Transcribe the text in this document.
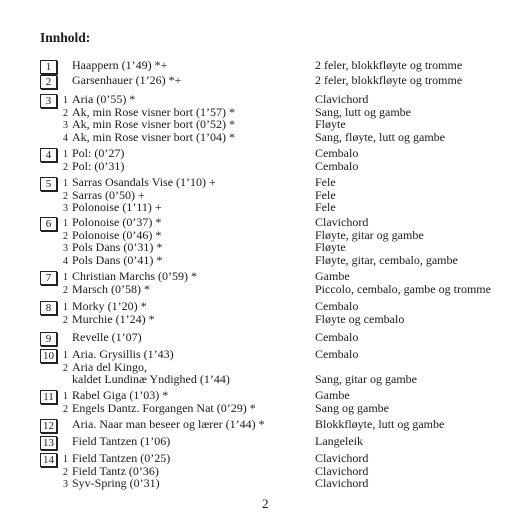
Innhold:
1	Haappern (1’49) *+	2 feler, blokkfløyte og tromme
2	Garsenhauer (1’26) *+	2 feler, blokkfløyte og tromme
3	1 Aria (0’55) *	Clavichord
2 Ak, min Rose visner bort (1’57) *	Sang, lutt og gambe
3 Ak, min Rose visner bort (0’52) *	Fløyte
4 Ak, min Rose visner bort (1’04) *	Sang, fløyte, lutt og gambe
4	1 Pol: (0’27)	Cembalo
2 Pol: (0’31)	Cembalo
5	1 Sarras Osandals Vise (1’10) +	Fele
2 Sarras (0’50) +	Fele
3 Polonoise (1’11) +	Fele
6	1 Polonoise (0’37) *	Clavichord
2 Polonoise (0’46) *	Fløyte, gitar og gambe
3 Pols Dans (0’31) *	Fløyte
4 Pols Dans (0’41) *	Fløyte, gitar, cembalo, gambe
7	1 Christian Marchs (0’59) *	Gambe
2 Marsch (0’58) *	Piccolo, cembalo, gambe og tromme
8	1 Morky (1’20) *	Cembalo
2 Murchie (1’24) *	Fløyte og cembalo
9	Revelle (1’07)	Cembalo
10 1 Aria. Grysillis (1’43)	Cembalo
2 Aria del Kingo,
kaldet Lundinæ Yndighed (1’44)	Sang, gitar og gambe
11 1 Rabel Giga (1’03) *	Gambe
2 Engels Dantz. Forgangen Nat (0’29) *	Sang og gambe
12 Aria. Naar man beseer og lærer (1’44) *	Blokkfløyte, lutt og gambe
13 Field Tantzen (1’06)	Langeleik
14 1 Field Tantzen (0’25)	Clavichord
2 Field Tantz (0’36)	Clavichord
3 Syv-Spring (0’31)	Clavichord
2
